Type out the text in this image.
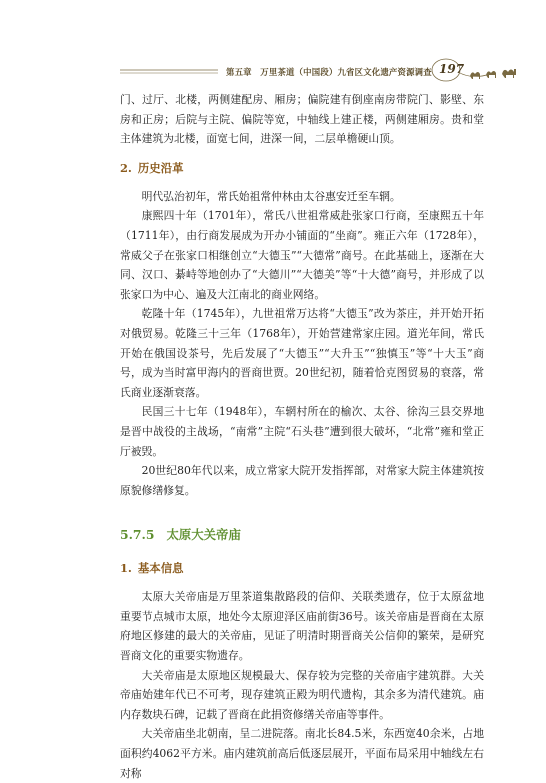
第五章　万里茶道（中国段）九省区文化遗产资源调查 197

门、过厅、北楼，两侧建配房、厢房；偏院建有倒座南房带院门、影壁、东房和正房；后院与主院、偏院等宽，中轴线上建正楼，两侧建厢房。贵和堂主体建筑为北楼，面宽七间，进深一间，二层单檐硬山顶。

2. 历史沿革

明代弘治初年，常氏始祖常仲林由太谷惠安迁至车辋。

康熙四十年（1701年），常氏八世祖常威赴张家口行商，至康熙五十年（1711年），由行商发展成为开办小铺面的“坐商”。雍正六年（1728年），常威父子在张家口相继创立“大德玉”“大德常”商号。在此基础上，逐渐在大同、汉口、綦峙等地创办了“大德川”“大德美”等“十大德”商号，并形成了以张家口为中心、遍及大江南北的商业网络。

乾隆十年（1745年），九世祖常万达将“大德玉”改为茶庄，并开始开拓对俄贸易。乾隆三十三年（1768年），开始营建常家庄园。道光年间，常氏开始在俄国设茶号，先后发展了“大德玉”“大升玉”“独慎玉”等“十大玉”商号，成为当时富甲海内的晋商世贾。20世纪初，随着恰克图贸易的衰落，常氏商业逐渐衰落。

民国三十七年（1948年），车辋村所在的榆次、太谷、徐沟三县交界地是晋中战役的主战场，“南常”主院“石头巷”遭到很大破坏，“北常”雍和堂正厅被毁。

20世纪80年代以来，成立常家大院开发指挥部，对常家大院主体建筑按原貌修缮修复。

5.7.5 太原大关帝庙
1. 基本信息

太原大关帝庙是万里茶道集散路段的信仰、关联类遗存，位于太原盆地重要节点城市太原，地处今太原迎泽区庙前街36号。该关帝庙是晋商在太原府地区修建的最大的关帝庙，见证了明清时期晋商关公信仰的繁荣，是研究晋商文化的重要实物遗存。

大关帝庙是太原地区规模最大、保存较为完整的关帝庙宇建筑群。大关帝庙始建年代已不可考，现存建筑正殿为明代遗构，其余多为清代建筑。庙内存数块石碑，记载了晋商在此捐资修缮关帝庙等事件。

大关帝庙坐北朝南，呈二进院落。南北长84.5米，东西宽40余米，占地面积约4062平方米。庙内建筑前高后低逐层展开，平面布局采用中轴线左右对称
